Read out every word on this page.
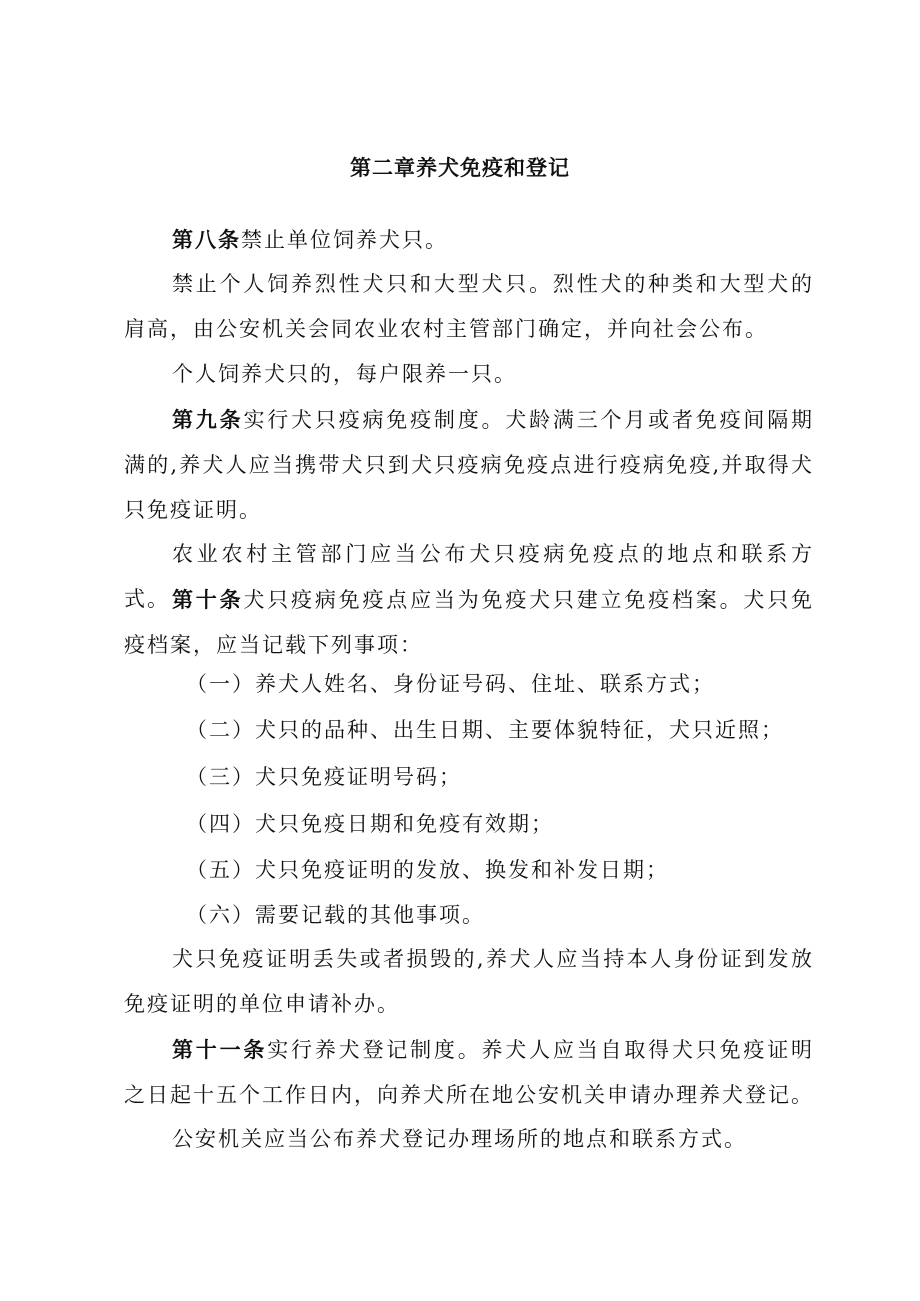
第二章养犬免疫和登记

第八条禁止单位饲养犬只。

禁止个人饲养烈性犬只和大型犬只。烈性犬的种类和大型犬的肩高，由公安机关会同农业农村主管部门确定，并向社会公布。

个人饲养犬只的，每户限养一只。

第九条实行犬只疫病免疫制度。犬龄满三个月或者免疫间隔期满的,养犬人应当携带犬只到犬只疫病免疫点进行疫病免疫,并取得犬只免疫证明。

农业农村主管部门应当公布犬只疫病免疫点的地点和联系方式。 第十条犬只疫病免疫点应当为免疫犬只建立免疫档案。犬只免疫档案，应当记载下列事项：

（一）养犬人姓名、身份证号码、住址、联系方式；

（二）犬只的品种、出生日期、主要体貌特征，犬只近照；

（三）犬只免疫证明号码；

（四）犬只免疫日期和免疫有效期；

（五）犬只免疫证明的发放、换发和补发日期；

（六）需要记载的其他事项。

犬只免疫证明丢失或者损毁的,养犬人应当持本人身份证到发放免疫证明的单位申请补办。

第十一条实行养犬登记制度。养犬人应当自取得犬只免疫证明之日起十五个工作日内，向养犬所在地公安机关申请办理养犬登记。

公安机关应当公布养犬登记办理场所的地点和联系方式。
